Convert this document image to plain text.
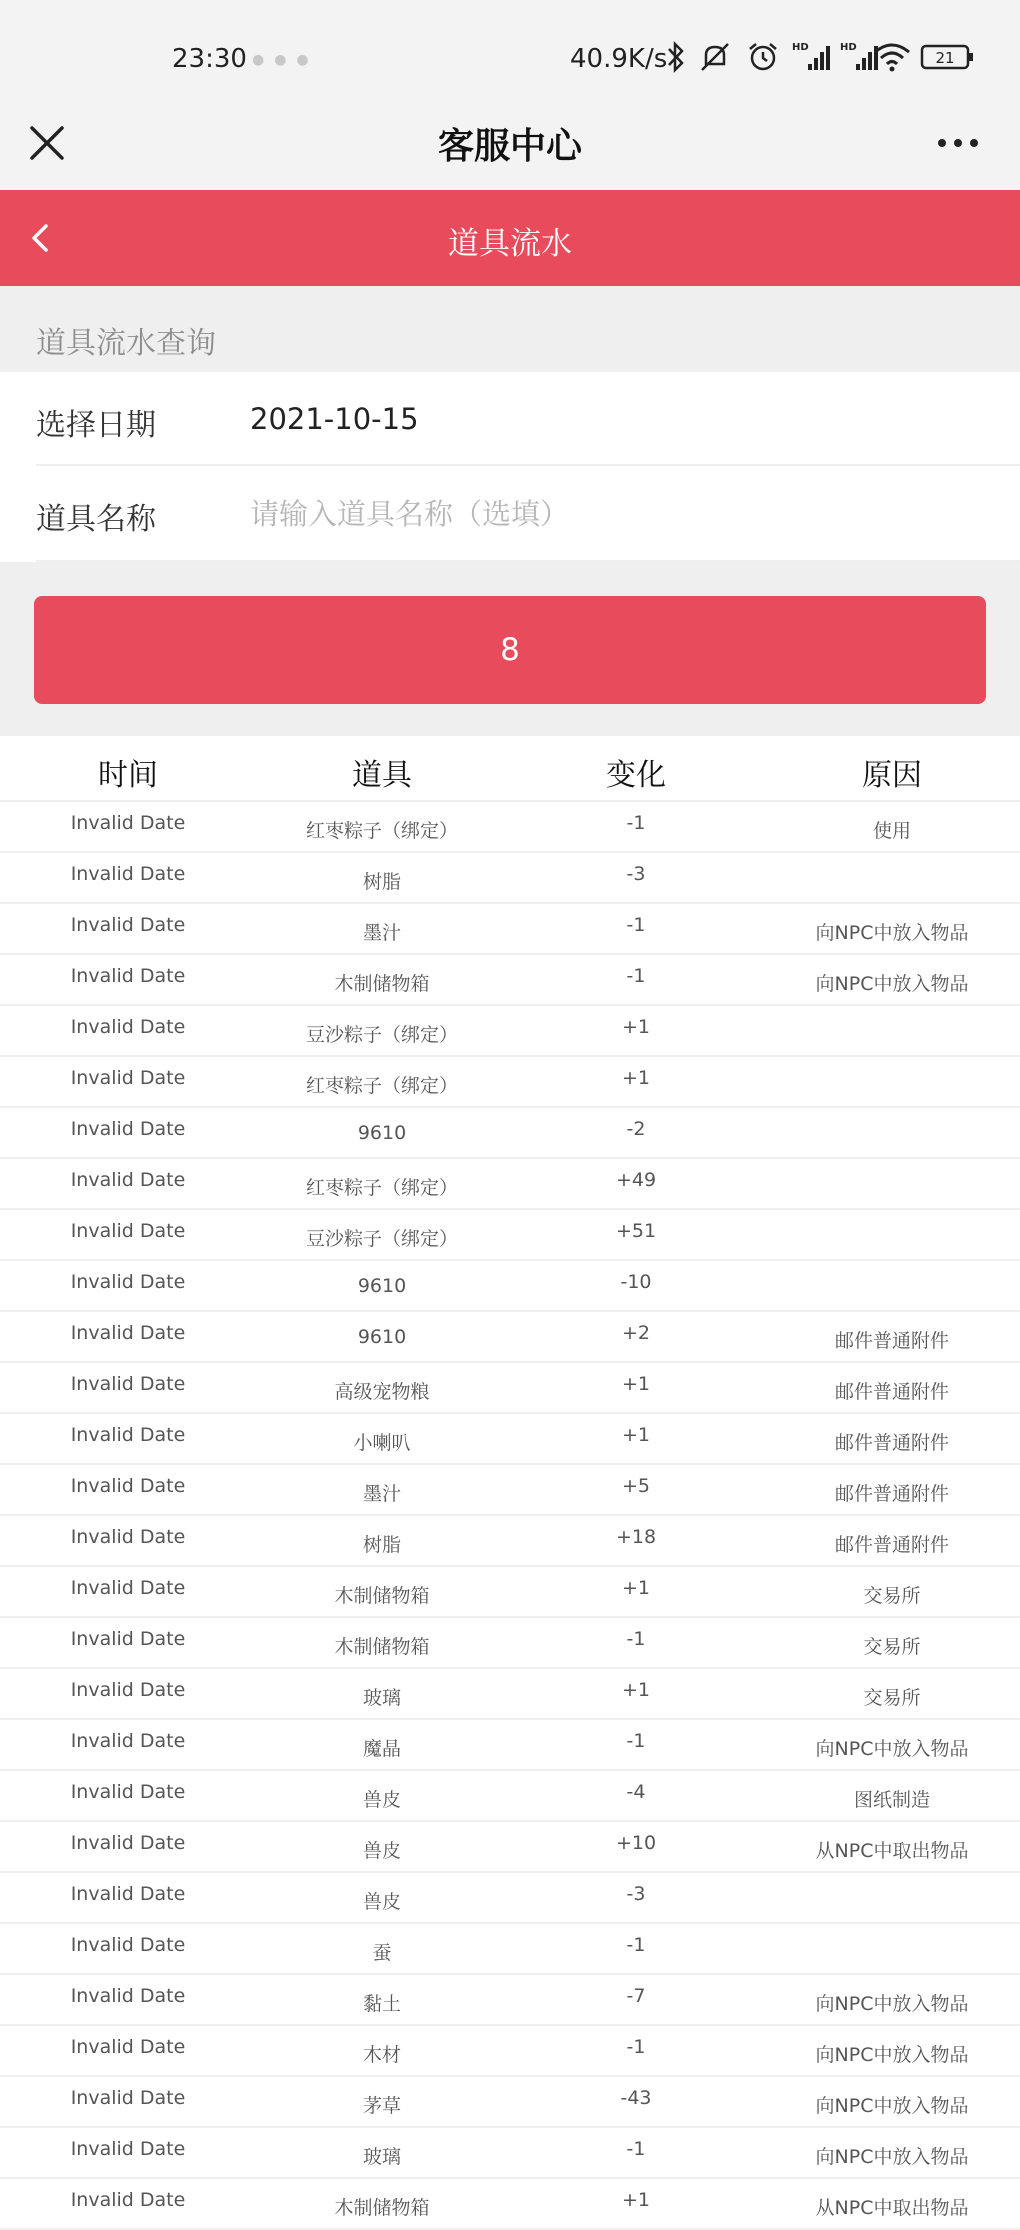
23:30 ●●●	40.9K/s	HD	HD
21
客服中心
道具流水
道具流水查询
选择日期	2021-10-15
道具名称
请输入道具名称（选填）
8
时间	道具	变化	原因
Invalid Date	红枣粽子（绑定）	-1	使用
Invalid Date	树脂	-3
Invalid Date	墨汁	-1	向NPC中放入物品
Invalid Date	木制储物箱	-1	向NPC中放入物品
Invalid Date	豆沙粽子（绑定）	+1
Invalid Date	红枣粽子（绑定）	+1
Invalid Date	9610	-2
Invalid Date	红枣粽子（绑定）	+49
Invalid Date	豆沙粽子（绑定）	+51
Invalid Date	9610	-10
Invalid Date	9610	+2	邮件普通附件
Invalid Date	高级宠物粮	+1	邮件普通附件
Invalid Date	小喇叭	+1	邮件普通附件
Invalid Date	墨汁	+5	邮件普通附件
Invalid Date	树脂	+18	邮件普通附件
Invalid Date	木制储物箱	+1	交易所
Invalid Date	木制储物箱	-1	交易所
Invalid Date	玻璃	+1	交易所
Invalid Date	魔晶	-1	向NPC中放入物品
Invalid Date	兽皮	-4	图纸制造
Invalid Date	兽皮	+10	从NPC中取出物品
Invalid Date	兽皮	-3
Invalid Date	蚕	-1
Invalid Date	黏土	-7	向NPC中放入物品
Invalid Date	木材	-1	向NPC中放入物品
Invalid Date	茅草	-43	向NPC中放入物品
Invalid Date	玻璃	-1	向NPC中放入物品
Invalid Date	木制储物箱	+1	从NPC中取出物品
